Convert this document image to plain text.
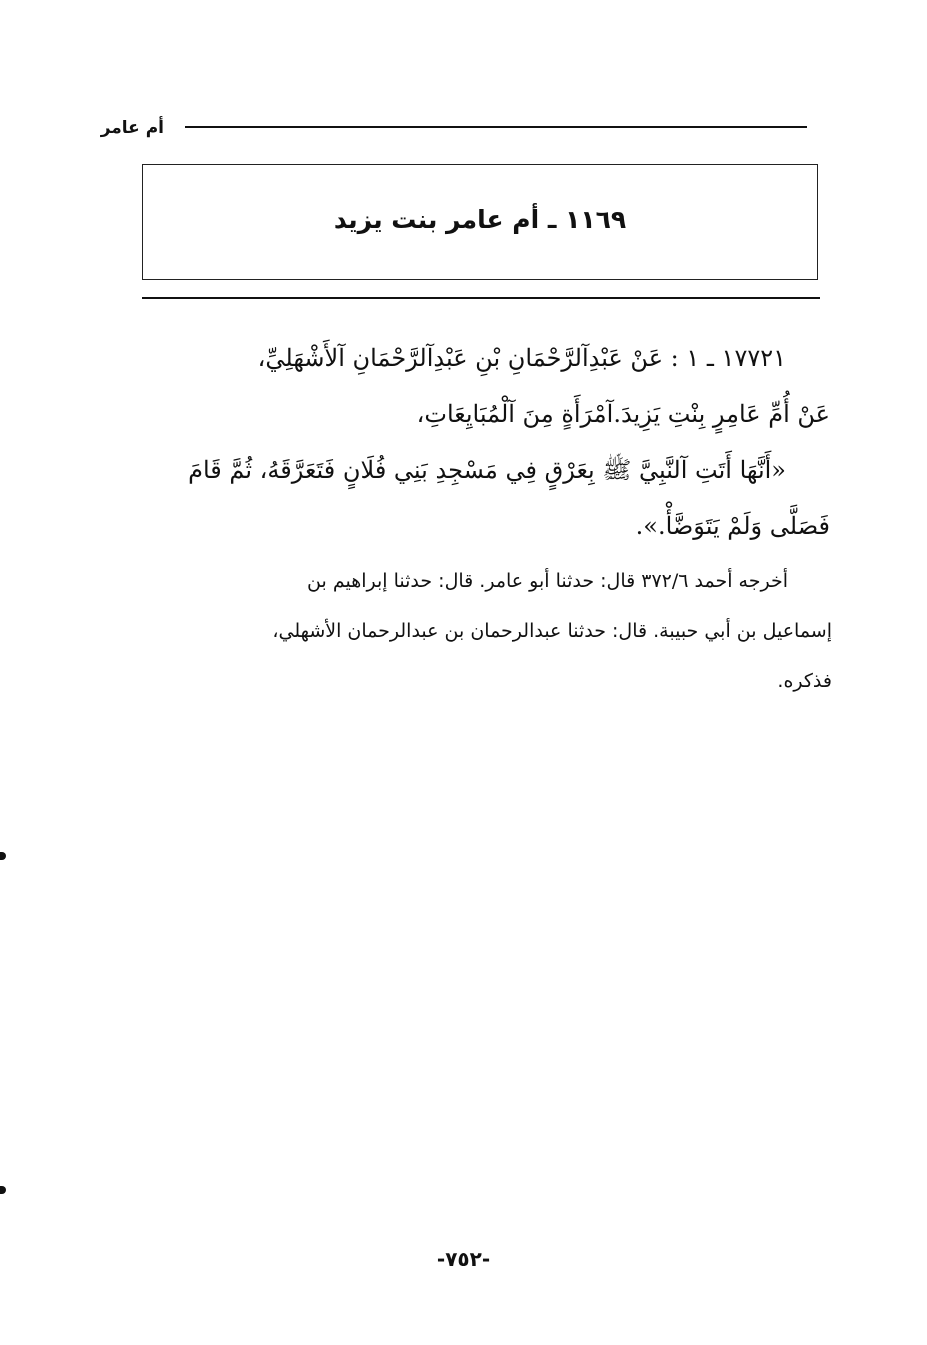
أم عامر
١١٦٩ ـ أم عامر بنت يزيد
١٧٧٢١ ـ ١ : عَنْ عَبْدِآلرَّحْمَانِ بْنِ عَبْدِآلرَّحْمَانِ آلأَشْهَلِيِّ،
عَنْ أُمِّ عَامِرٍ بِنْتِ يَزِيدَ.آمْرَأَةٍ مِنَ آلْمُبَايِعَاتِ،
«أَنَّهَا أَتَتِ آلنَّبِيَّ ﷺ بِعَرْقٍ فِي مَسْجِدِ بَنِي فُلَانٍ فَتَعَرَّقَهُ، ثُمَّ قَامَ
فَصَلَّى وَلَمْ يَتَوَضَّأْ.».
أخرجه أحمد ٣٧٢/٦ قال: حدثنا أبو عامر. قال: حدثنا إبراهيم بن
إسماعيل بن أبي حبيبة. قال: حدثنا عبدالرحمان بن عبدالرحمان الأشهلي،
فذكره.
-٧٥٢-
